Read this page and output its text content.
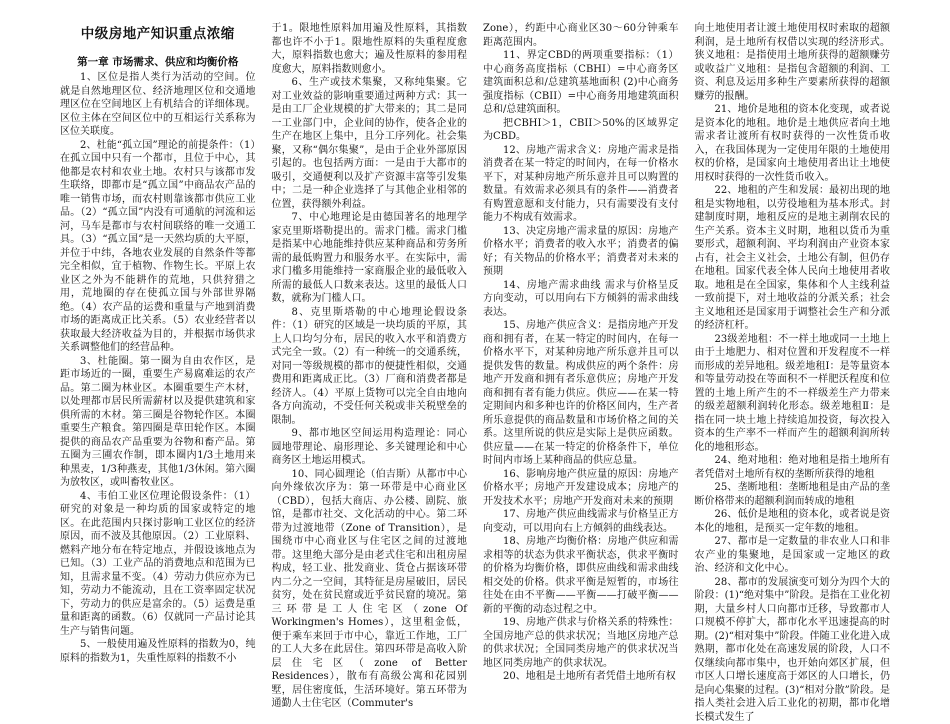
中级房地产知识重点浓缩
第一章 市场需求、供应和均衡价格

1、区位是指人类行为活动的空间。位就是自然地理区位、经济地理区位和交通地理区位在空间地区上有机结合的详细体现。区位主体在空间区位中的互相运行关系称为区位关联度。

2、杜能“孤立国”理论的前提条件：（1）在孤立国中只有一个都市，且位于中心，其他都是农村和农业土地。农村只与该都市发生联络，即都市是“孤立国”中商品农产品的唯一销售市场，而农村则靠该都市供应工业品。（2）“孤立国”内没有可通航的河流和运河，马车是都市与农村间联络的唯一交通工具。（3）“孤立国”是一天然均质的大平原，并位于中纬，各地农业发展的自然条件等都完全相似，宜于植物、作物生长。平原上农业区之外为不能耕作的荒地，只供狩猎之用，荒地圈的存在使孤立国与外部世界隔绝。（4）农产品的运费和重量与产地到消费市场的距离成正比关系。（5）农业经营者以获取最大经济收益为目的，并根据市场供求关系调整他们的经营品种。

3、杜能圈。第一圈为自由农作区，是距市场近的一圈，重要生产易腐难运的农产品。第二圈为林业区。本圈重要生产木材，以处理都市居民所需薪材以及提供建筑和家俱所需的木材。第三圈是谷物轮作区。本圈重要生产粮食。第四圈是草田轮作区。本圈提供的商品农产品重要为谷物和畜产品。第五圈为三圃农作制，即本圈内1/3土地用来种黑麦，1/3种燕麦，其他1/3休闲。第六圈为放牧区，或叫畜牧业区。

4、韦伯工业区位理论假设条件：（1）研究的对象是一种均质的国家或特定的地区。在此范围内只探讨影响工业区位的经济原因，而不波及其他原因。（2）工业原料、燃料产地分布在特定地点，并假设该地点为已知。（3）工业产品的消费地点和范围为已知，且需求量不变。（4）劳动力供应亦为已知，劳动力不能流动，且在工资率固定状况下，劳动力的供应是富余的。（5）运费是重量和距离的函数。（6）仅就同一产品讨论其生产与销售问题。

5、一般使用遍及性原料的指数为0，纯原料的指数为1，失重性原料的指数不小

于1。限地性原料加用遍及性原料，其指数都也许不小于1。限地性原料的失重程度愈大，原料指数也愈大；遍及性原料的参用程度愈大，原料指数则愈小。

6、生产或技术集聚，又称纯集聚。它对工业效益的影响重要通过两种方式：其一是由工厂企业规模的扩大带来的；其二是同一工业部门中，企业间的协作，使各企业的生产在地区上集中，且分工序列化。社会集聚，又称“偶尔集聚”，是由于企业外部原因引起的。也包括两方面：一是由于大都市的吸引，交通便利以及扩产资源丰富等引发集中；二是一种企业选择了与其他企业相邻的位置，获得额外利益。

7、中心地理论是由德国著名的地理学家克里斯塔勒提出的。需求门槛。需求门槛是指某中心地能维持供应某种商品和劳务所需的最低购置力和服务水平。在实际中，需求门槛多用能维持一家商服企业的最低收入所需的最低人口数来表达。这里的最低人口数，就称为门槛人口。

8、克里斯塔勒的中心地理论假设条件：（1）研究的区域是一块均质的平原，其上人口均匀分布，居民的收入水平和消费方式完全一致。（2）有一种统一的交通系统，对同一等级规模的都市的便捷性相似，交通费用和距离成正比。（3）厂商和消费者都是经济人。（4）平原上货物可以完全自由地向各方向流动，不受任何关税或非关税壁垒的限制。

9、都市地区空间运用构造理论：同心圆地带理论、扇形理论、多关键理论和中心商务区土地运用模式。

10、同心圆理论（伯吉斯）从都市中心向外缘依次序为：第一环带是中心商业区（CBD），包括大商店、办公楼、剧院、旅馆，是都市社交、文化活动的中心。第二环带为过渡地带（Zone of Transition），是围绕市中心商业区与住宅区之间的过渡地带。这里绝大部分是由老式住宅和出租房屋构成，轻工业、批发商业、货仓占据该环带内二分之一空间，其特征是房屋破旧，居民贫穷，处在贫民窟或近乎贫民窟的境况。第三环带是工人住宅区（zone Of Workingmen's Homes），这里租金低，便于乘车来回于市中心，靠近工作地，工厂的工人大多在此居住。第四环带是高收入阶层住宅区（zone of Better Residences），散布有高级公寓和花园别墅，居住密度低，生活环境好。第五环带为通勤人士住宅区（Commuter's

Zone），约距中心商业区30～60分钟乘车距离范围内。

11、界定CBD的两项重要指标：（1）中心商务高度指标（CBHI）=中心商务区建筑面积总和/总建筑基地面积 (2)中心商务强度指标（CBII）=中心商务用地建筑面积总和/总建筑面积。

把CBHI＞1，CBII＞50%的区域界定为CBD。

12、房地产需求含义：房地产需求是指消费者在某一特定的时间内，在每一价格水平下，对某种房地产所乐意并且可以购置的数量。有效需求必须具有的条件——消费者有购置意愿和支付能力，只有需要没有支付能力不构成有效需求。

13、决定房地产需求量的原因：房地产价格水平；消费者的收入水平；消费者的偏好；有关物品的价格水平；消费者对未来的预期

14、房地产需求曲线 需求与价格呈反方向变动，可以用向右下方倾斜的需求曲线表达。

15、房地产供应含义：是指房地产开发商和拥有者，在某一特定的时间内，在每一价格水平下，对某种房地产所乐意并且可以提供发售的数量。构成供应的两个条件：房地产开发商和拥有者乐意供应；房地产开发商和拥有者有能力供应。供应——在某一特定期间内和多种也许的价格区间内，生产者所乐意提供的商品数量和市场价格之间的关系。这里所说的供应是实际上是供应函数。供应量——在某一特定的价格条件下，单位时间内市场上某种商品的供应总量。

16、影响房地产供应量的原因：房地产价格水平；房地产开发建设成本；房地产的开发技术水平；房地产开发商对未来的预期

17、房地产供应曲线需求与价格呈正方向变动，可以用向右上方倾斜的曲线表达。

18、房地产均衡价格：房地产供应和需求相等的状态为供求平衡状态，供求平衡时的价格为均衡价格，即供应曲线和需求曲线相交处的价格。供求平衡是短暂的，市场往往处在由不平衡——平衡——打破平衡——新的平衡的动态过程之中。

19、房地产供求与价格关系的特殊性：全国房地产总的供求状况；当地区房地产总的供求状况；全国同类房地产的供求状况当地区同类房地产的供求状况。

20、地租是土地所有者凭借土地所有权

向土地使用者让渡土地使用权时索取的超额利润，是土地所有权借以实现的经济形式。狭义地租：是指使用土地所获得的超额赚劳或收益广义地租：是指包含超额的利润、工资、利息及运用多种生产要素所获得的超额赚劳的报酬。

21、地价是地租的资本化变现，或者说是资本化的地租。地价是土地供应者向土地需求者让渡所有权时获得的一次性货币收入，在我国体现为一定使用年限的土地使用权的价格，是国家向土地使用者出让土地使用权时获得的一次性货币收入。

22、地租的产生和发展：最初出现的地租是实物地租，以劳役地租为基本形式。封建制度时期，地租反应的是地主剥削农民的生产关系。资本主义时期，地租以货币为重要形式，超额利润、平均利润由产业资本家占有，社会主义社会，土地公有制，但仍存在地租。国家代表全体人民向土地使用者收取。地租是在全国家，集体和个人主线利益一致前提下，对土地收益的分派关系；社会主义地租还是国家用于调整社会生产和分派的经济杠杆。

23级差地租：不一样土地或同一土地上由于土地肥力、相对位置和开发程度不一样而形成的差异地租。级差地租Ⅰ：是等量资本和等量劳动投在等面积不一样肥沃程度和位置的土地上所产生的不一样级差生产力带来的级差超额利润转化形态。级差地租Ⅱ：是指在同一块土地上持续追加投资，每次投入资本的生产率不一样而产生的超额利润所转化的地租形态。

24、绝对地租：绝对地租是指土地所有者凭借对土地所有权的垄断所获得的地租

25、垄断地租：垄断地租是由产品的垄断价格带来的超额利润而转成的地租

26、低价是地租的资本化，或者说是资本化的地租，是预买一定年数的地租。

27、都市是一定数量的非农业人口和非农产业的集聚地，是国家或一定地区的政治、经济和文化中心。

28、都市的发展演变可划分为四个大的阶段：(1)“绝对集中”阶段。是指在工业化初期，大量乡村人口向都市迁移，导致都市人口规模不停扩大，都市化水平迅速提高的时期。(2)“相对集中”阶段。伴随工业化进入成熟期，都市化处在高速发展的阶段，人口不仅继续向都市集中，也开始向郊区扩展，但市区人口增长速度高于郊区的人口增长，仍是向心集聚的过程。(3)“相对分散”阶段。是指人类社会进入后工业化的初期，都市化增长模式发生了
